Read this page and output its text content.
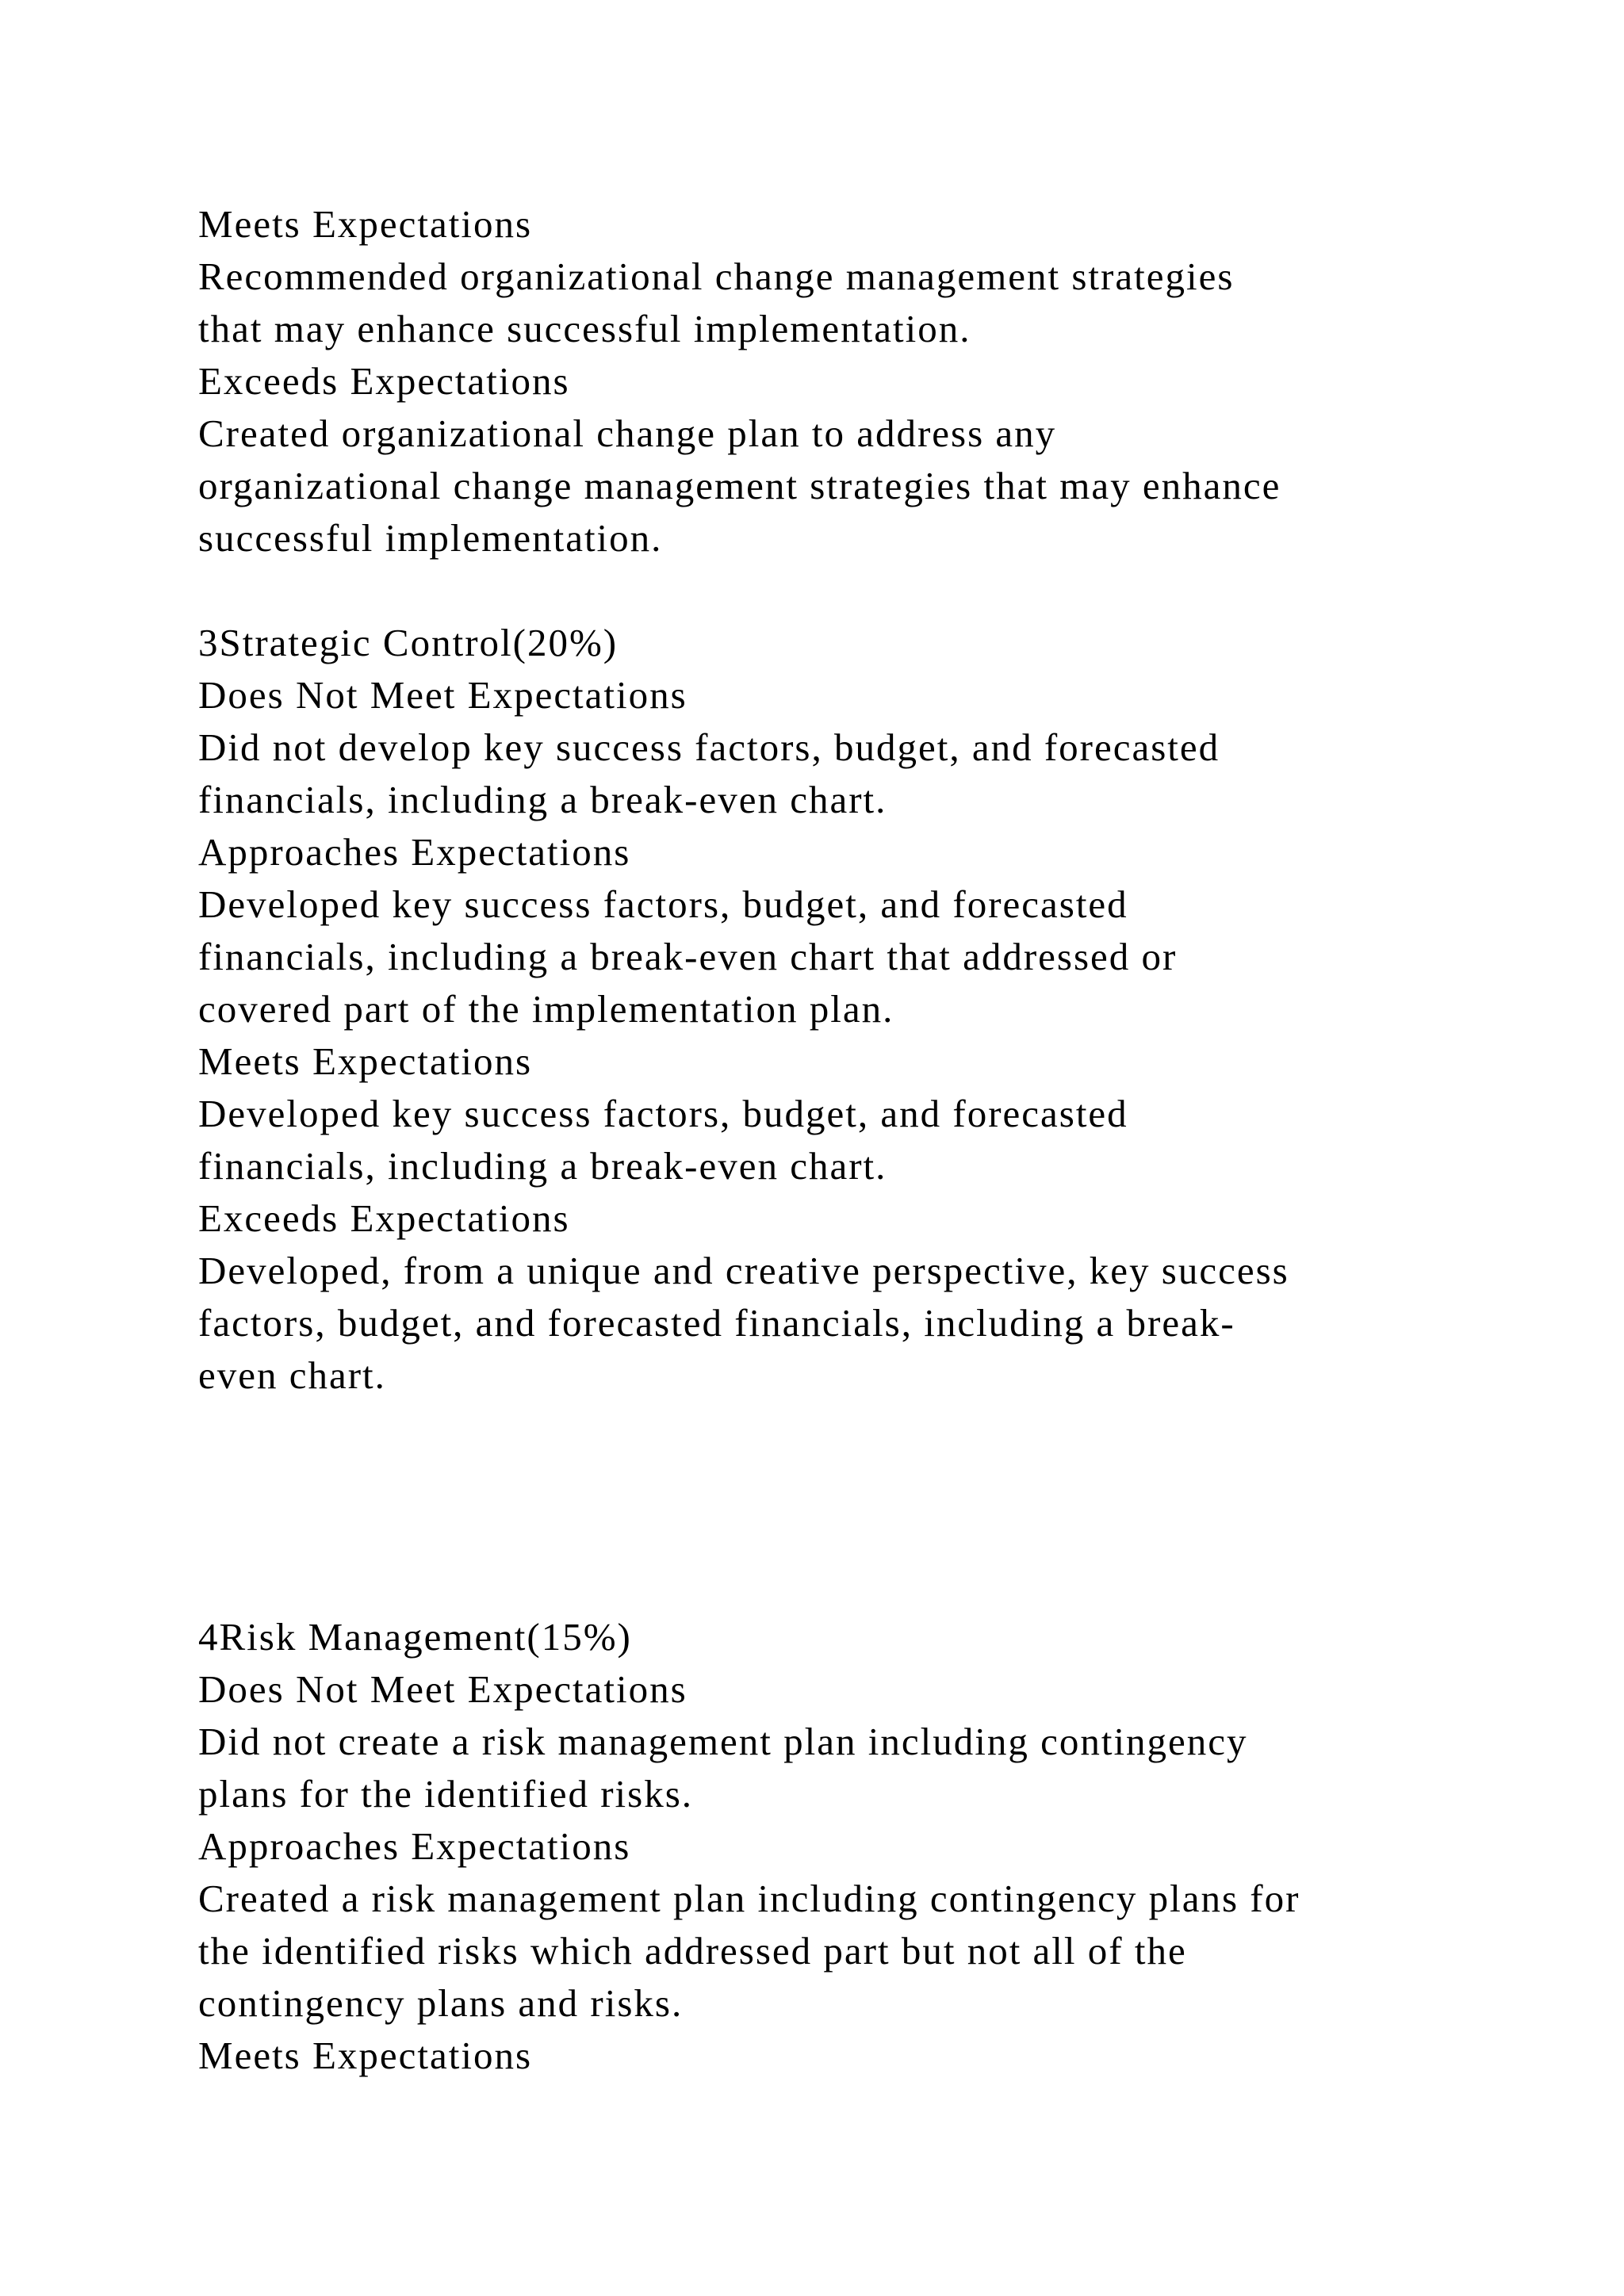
Meets Expectations
Recommended organizational change management strategies
that may enhance successful implementation.
Exceeds Expectations
Created organizational change plan to address any
organizational change management strategies that may enhance
successful implementation.
3Strategic Control(20%)
Does Not Meet Expectations
Did not develop key success factors, budget, and forecasted
financials, including a break-even chart.
Approaches Expectations
Developed key success factors, budget, and forecasted
financials, including a break-even chart that addressed or
covered part of the implementation plan.
Meets Expectations
Developed key success factors, budget, and forecasted
financials, including a break-even chart.
Exceeds Expectations
Developed, from a unique and creative perspective, key success
factors, budget, and forecasted financials, including a break-
even chart.
4Risk Management(15%)
Does Not Meet Expectations
Did not create a risk management plan including contingency
plans for the identified risks.
Approaches Expectations
Created a risk management plan including contingency plans for
the identified risks which addressed part but not all of the
contingency plans and risks.
Meets Expectations
